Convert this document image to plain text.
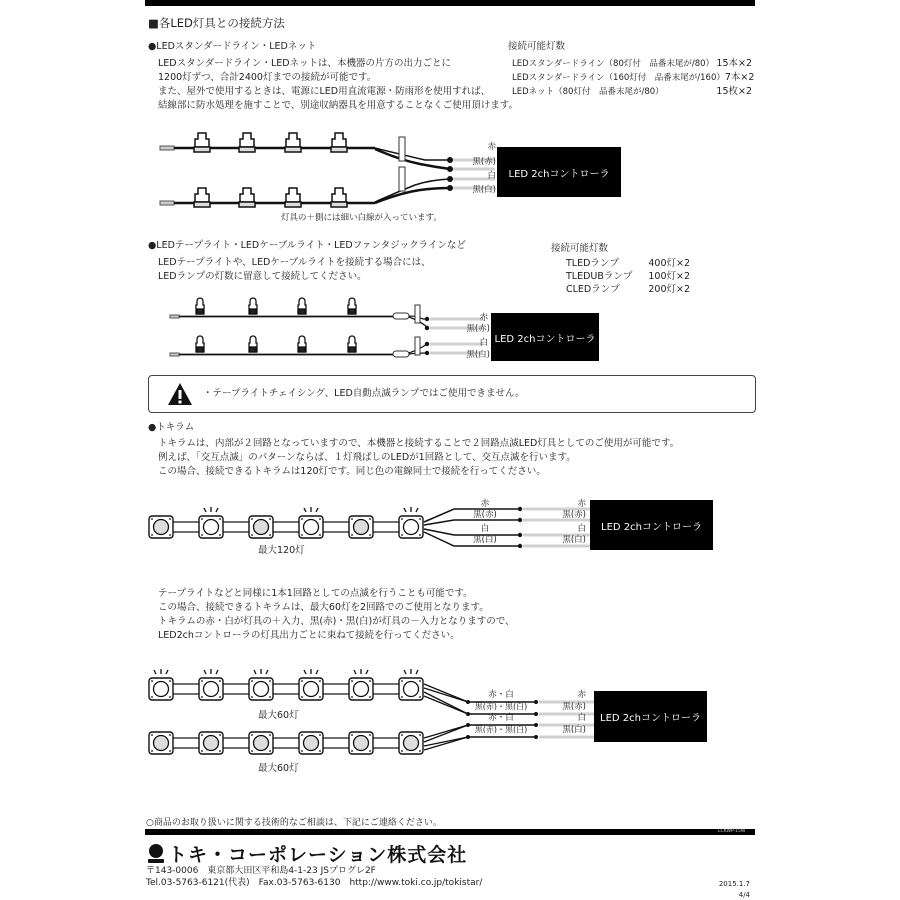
■各LED灯具との接続方法
●LEDスタンダードライン・LEDネット
LEDスタンダードライン・LEDネットは、本機器の片方の出力ごとに
1200灯ずつ、合計2400灯までの接続が可能です。
また、屋外で使用するときは、電源にLED用直流電源・防雨形を使用すれば、
結線部に防水処理を施すことで、別途収納器具を用意することなくご使用頂けます。
接続可能灯数
LEDスタンダードライン（80灯付　品番末尾が/80） 15本×2
LEDスタンダードライン（160灯付　品番末尾が/160） 7本×2
LEDネット（80灯付　品番末尾が/80）	15枚×2
赤
黒(赤)
白
黒(白)
LED 2chコントローラ
灯具の＋側には細い白線が入っています。
●LEDテープライト・LEDケーブルライト・LEDファンタジックラインなど
LEDテープライトや、LEDケーブルライトを接続する場合には、
LEDランプの灯数に留意して接続してください。
接続可能灯数
TLEDランプ	400灯×2
TLEDUBランプ 100灯×2
CLEDランプ	200灯×2
赤
黒(赤)
白
黒(白)
LED 2chコントローラ
・テープライトチェイシング、LED自動点滅ランプではご使用できません。
●トキラム
トキラムは、内部が２回路となっていますので、本機器と接続することで２回路点滅LED灯具としてのご使用が可能です。
例えば、「交互点滅」のパターンならば、１灯飛ばしのLEDが1回路として、交互点滅を行います。
この場合、接続できるトキラムは120灯です。同じ色の電線同士で接続を行ってください。
赤
黒(赤)
白
黒(白)
赤
黒(赤)
白
黒(白)
LED 2chコントローラ
最大120灯
テープライトなどと同様に1本1回路としての点滅を行うことも可能です。
この場合、接続できるトキラムは、最大60灯を2回路でのご使用となります。
トキラムの赤・白が灯具の＋入力、黒(赤)・黒(白)が灯具の－入力となりますので、
LED2chコントローラの灯具出力ごとに束ねて接続を行ってください。
赤・白
黒(赤)・黒(白)
赤・白
黒(赤)・黒(白)
赤
黒(赤)
白
黒(白)
LED 2chコントローラ
最大60灯
最大60灯
○商品のお取り扱いに関する技術的なご相談は、下記にご連絡ください。
LCKWP-15W
トキ・コーポレーション株式会社
〒143-0006　東京都大田区平和島4-1-23 JSプログレ2F
Tel.03-5763-6121(代表)　Fax.03-5763-6130　http://www.toki.co.jp/tokistar/	2015.1.7
4/4
